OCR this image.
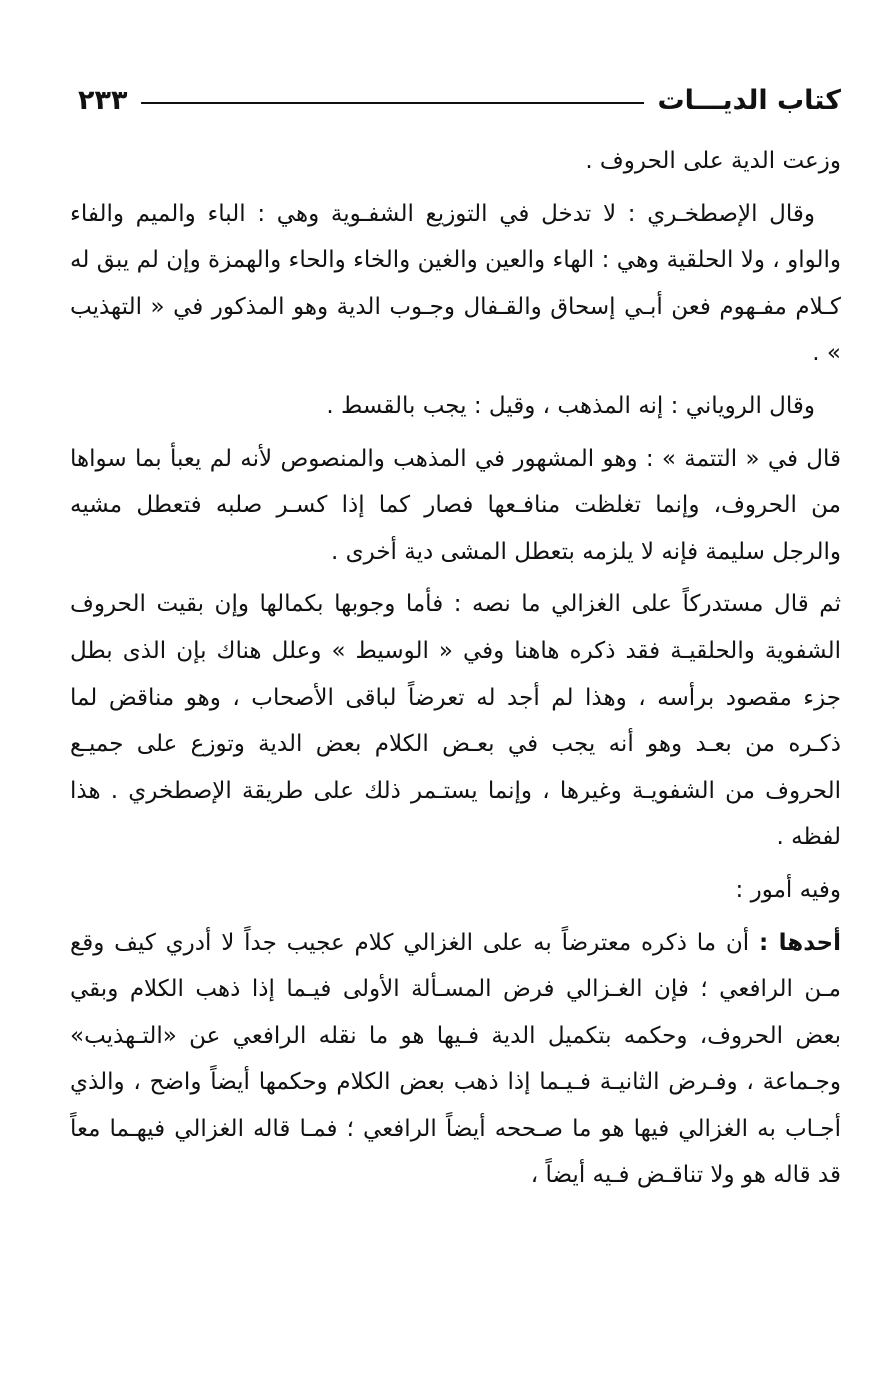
كتاب الديـــات
٢٣٣

وزعت الدية على الحروف .

وقال الإصطخـري : لا تدخل في التوزيع الشفـوية وهي : الباء والميم والفاء والواو ، ولا الحلقية وهي : الهاء والعين والغين والخاء والحاء والهمزة وإن لم يبق له كـلام مفـهوم فعن أبـي إسحاق والقـفال وجـوب الدية وهو المذكور في « التهذيب » .

وقال الروياني : إنه المذهب ، وقيل : يجب بالقسط .

قال في « التتمة » : وهو المشهور في المذهب والمنصوص لأنه لم يعبأ بما سواها من الحروف، وإنما تغلظت منافـعها فصار كما إذا كسـر صلبه فتعطل مشيه والرجل سليمة فإنه لا يلزمه بتعطل المشى دية أخرى .

ثم قال مستدركاً على الغزالي ما نصه : فأما وجوبها بكمالها وإن بقيت الحروف الشفوية والحلقيـة فقد ذكره هاهنا وفي « الوسيط » وعلل هناك بإن الذى بطل جزء مقصود برأسه ، وهذا لم أجد له تعرضاً لباقى الأصحاب ، وهو مناقض لما ذكـره من بعـد وهو أنه يجب في بعـض الكلام بعض الدية وتوزع على جميـع الحروف من الشفويـة وغيرها ، وإنما يستـمر ذلك على طريقة الإصطخري . هذا لفظه .

وفيه أمور :

أحدها : أن ما ذكره معترضاً به على الغزالي كلام عجيب جداً لا أدري كيف وقع مـن الرافعي ؛ فإن الغـزالي فرض المسـألة الأولى فيـما إذا ذهب الكلام وبقي بعض الحروف، وحكمه بتكميل الدية فـيها هو ما نقله الرافعي عن «التـهذيب» وجـماعة ، وفـرض الثانيـة فـيـما إذا ذهب بعض الكلام وحكمها أيضاً واضح ، والذي أجـاب به الغزالي فيها هو ما صـححه أيضاً الرافعي ؛ فمـا قاله الغزالي فيهـما معاً قد قاله هو ولا تناقـض فـيه أيضاً ،
